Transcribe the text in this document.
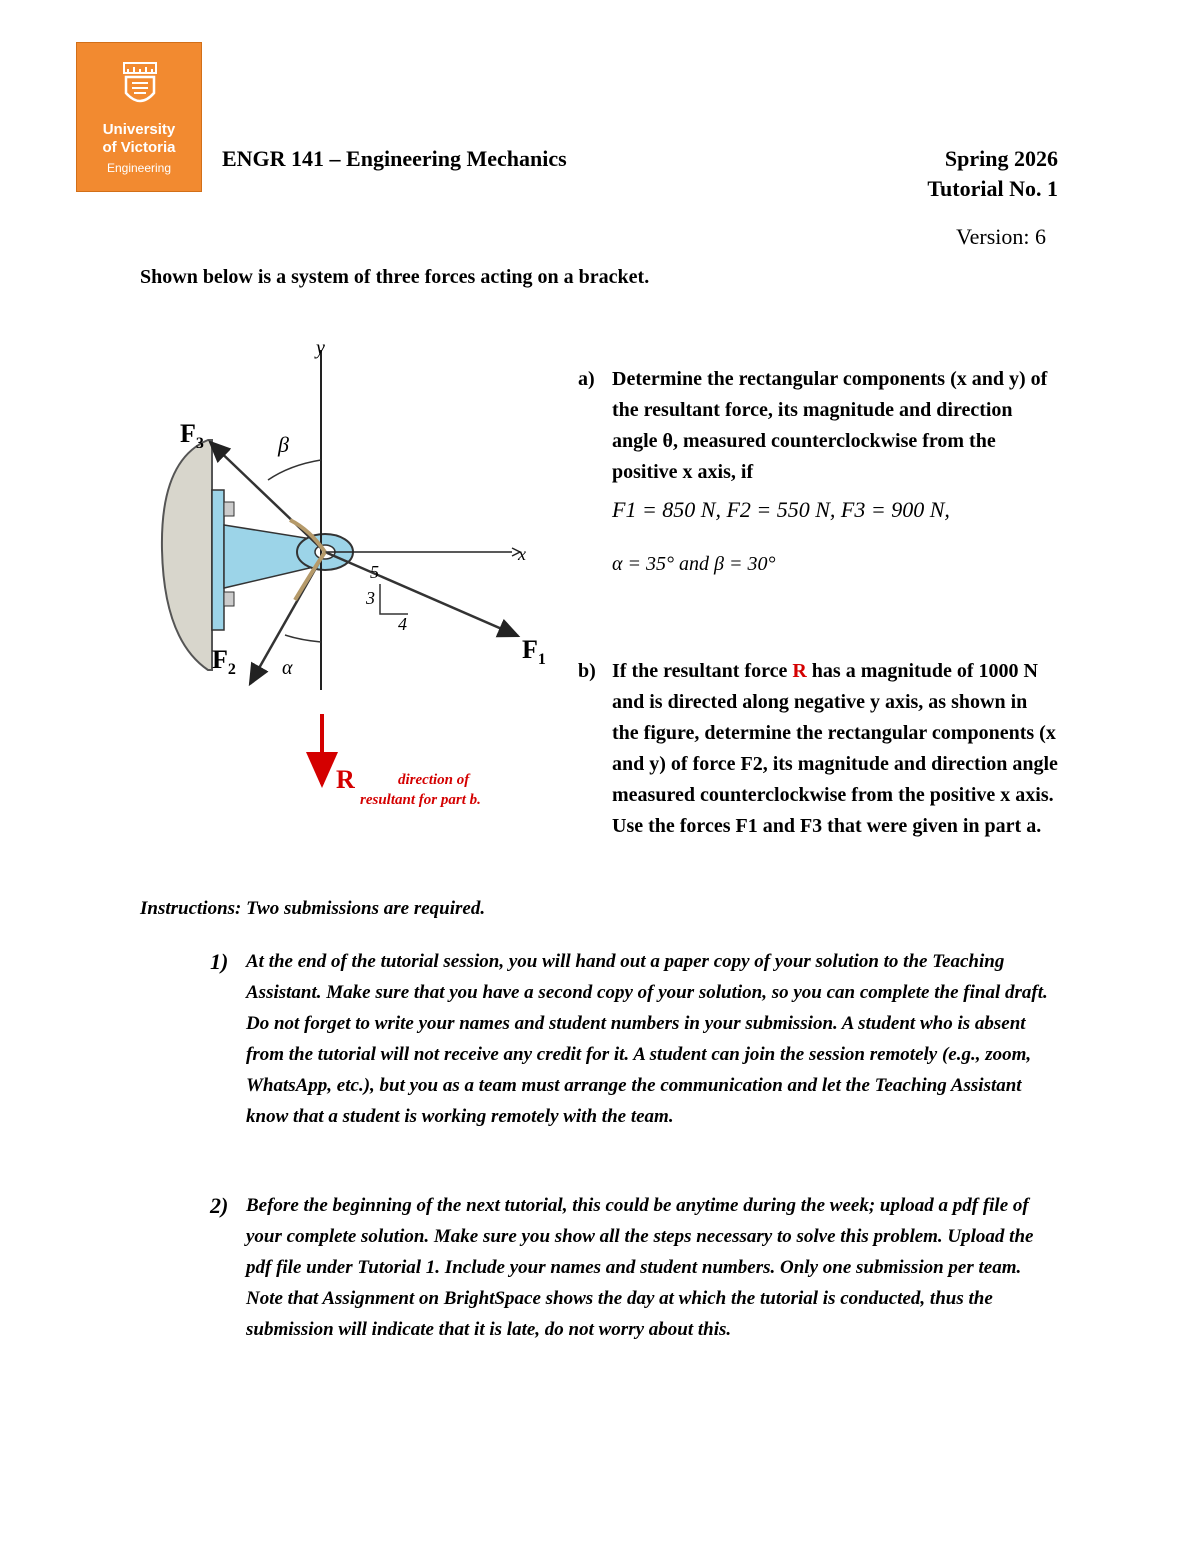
University
of Victoria
Engineering	ENGR 141 – Engineering Mechanics	Spring 2026
Tutorial No. 1
Version: 6
Shown below is a system of three forces acting on a bracket.
y
x
β
α
5
3
4
$F_3$
$F_2$
$F_1$
R	direction of
resultant for part b.
a) Determine the rectangular components (x and y) of the resultant force, its magnitude and direction angle θ, measured counterclockwise from the positive x axis, if
F1 = 850 N, F2 = 550 N, F3 = 900 N,
α = 35° and β = 30°
b) If the resultant force R has a magnitude of 1000 N and is directed along negative y axis, as shown in the figure, determine the rectangular components (x and y) of force F2, its magnitude and direction angle measured counterclockwise from the positive x axis. Use the forces F1 and F3 that were given in part a.
Instructions: Two submissions are required.
1) At the end of the tutorial session, you will hand out a paper copy of your solution to the Teaching Assistant. Make sure that you have a second copy of your solution, so you can complete the final draft. Do not forget to write your names and student numbers in your submission. A student who is absent from the tutorial will not receive any credit for it. A student can join the session remotely (e.g., zoom, WhatsApp, etc.), but you as a team must arrange the communication and let the Teaching Assistant know that a student is working remotely with the team.
2) Before the beginning of the next tutorial, this could be anytime during the week; upload a pdf file of your complete solution. Make sure you show all the steps necessary to solve this problem. Upload the pdf file under Tutorial 1. Include your names and student numbers. Only one submission per team. Note that Assignment on BrightSpace shows the day at which the tutorial is conducted, thus the submission will indicate that it is late, do not worry about this.
